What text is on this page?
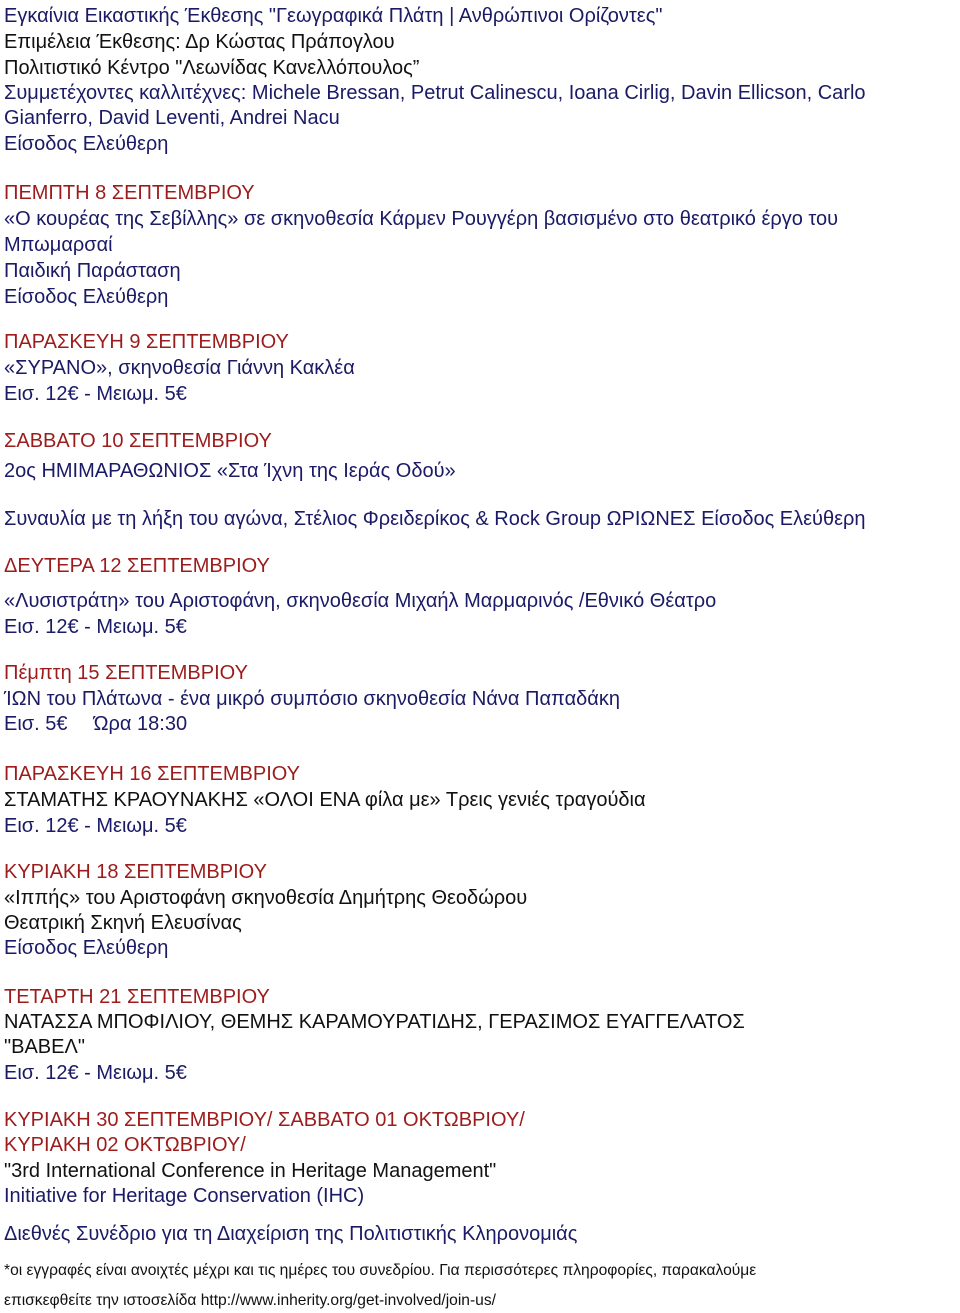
Εγκαίνια Εικαστικής Έκθεσης "Γεωγραφικά Πλάτη | Ανθρώπινοι Ορίζοντες"

Επιμέλεια Έκθεσης: Δρ Κώστας Πράπογλου

Πολιτιστικό Κέντρο "Λεωνίδας Κανελλόπουλος”

Συμμετέχοντες καλλιτέχνες: Michele Bressan, Petrut Calinescu, Ioana Cirlig, Davin Ellicson, Carlo

Gianferro, David Leventi, Andrei Nacu

Είσοδος Ελεύθερη

ΠΕΜΠΤΗ 8 ΣΕΠΤΕΜΒΡΙΟΥ

«Ο κουρέας της Σεβίλλης» σε σκηνοθεσία Κάρμεν Ρουγγέρη βασισμένο στο θεατρικό έργο του

Μπωμαρσαί

Παιδική Παράσταση

Είσοδος Ελεύθερη

ΠΑΡΑΣΚΕΥΗ 9 ΣΕΠΤΕΜΒΡΙΟΥ

«ΣΥΡΑΝΟ», σκηνοθεσία Γιάννη Κακλέα

Εισ. 12€ - Μειωμ. 5€

ΣΑΒΒΑΤΟ 10 ΣΕΠΤΕΜΒΡΙΟΥ

2ος ΗΜΙΜΑΡΑΘΩΝΙΟΣ «Στα Ίχνη της Ιεράς Οδού»

Συναυλία με τη λήξη του αγώνα, Στέλιος Φρειδερίκος & Rock Group ΩΡΙΩΝΕΣ Είσοδος Ελεύθερη

ΔΕΥΤΕΡΑ 12 ΣΕΠΤΕΜΒΡΙΟΥ

«Λυσιστράτη» του Αριστοφάνη, σκηνοθεσία Μιχαήλ Μαρμαρινός /Εθνικό Θέατρο

Εισ. 12€ - Μειωμ. 5€

Πέμπτη 15 ΣΕΠΤΕΜΒΡΙΟΥ

ΊΩΝ του Πλάτωνα - ένα μικρό συμπόσιο σκηνοθεσία Νάνα Παπαδάκη

Εισ. 5€ Ώρα 18:30

ΠΑΡΑΣΚΕΥΗ 16 ΣΕΠΤΕΜΒΡΙΟΥ

ΣΤΑΜΑΤΗΣ ΚΡΑΟΥΝΑΚΗΣ «ΟΛΟΙ ΕΝΑ φίλα με» Τρεις γενιές τραγούδια

Εισ. 12€ - Μειωμ. 5€

ΚΥΡΙΑΚΗ 18 ΣΕΠΤΕΜΒΡΙΟΥ

«Ιππής» του Αριστοφάνη σκηνοθεσία Δημήτρης Θεοδώρου

Θεατρική Σκηνή Ελευσίνας

Είσοδος Ελεύθερη

ΤΕΤΑΡΤΗ 21 ΣΕΠΤΕΜΒΡΙΟΥ

ΝΑΤΑΣΣΑ ΜΠΟΦΙΛΙΟΥ, ΘΕΜΗΣ ΚΑΡΑΜΟΥΡΑΤΙΔΗΣ, ΓΕΡΑΣΙΜΟΣ ΕΥΑΓΓΕΛΑΤΟΣ

"ΒΑΒΕΛ"

Εισ. 12€ - Μειωμ. 5€

ΚΥΡΙΑΚΗ 30 ΣΕΠΤΕΜΒΡΙΟΥ/ ΣΑΒΒΑΤΟ 01 ΟΚΤΩΒΡΙΟΥ/

ΚΥΡΙΑΚΗ 02 ΟΚΤΩΒΡΙΟΥ/

"3rd International Conference in Heritage Management"

Initiative for Heritage Conservation (IHC)

Διεθνές Συνέδριο για τη Διαχείριση της Πολιτιστικής Κληρονομιάς

*οι εγγραφές είναι ανοιχτές μέχρι και τις ημέρες του συνεδρίου. Για περισσότερες πληροφορίες, παρακαλούμε

επισκεφθείτε την ιστοσελίδα http://www.inherity.org/get-involved/join-us/
